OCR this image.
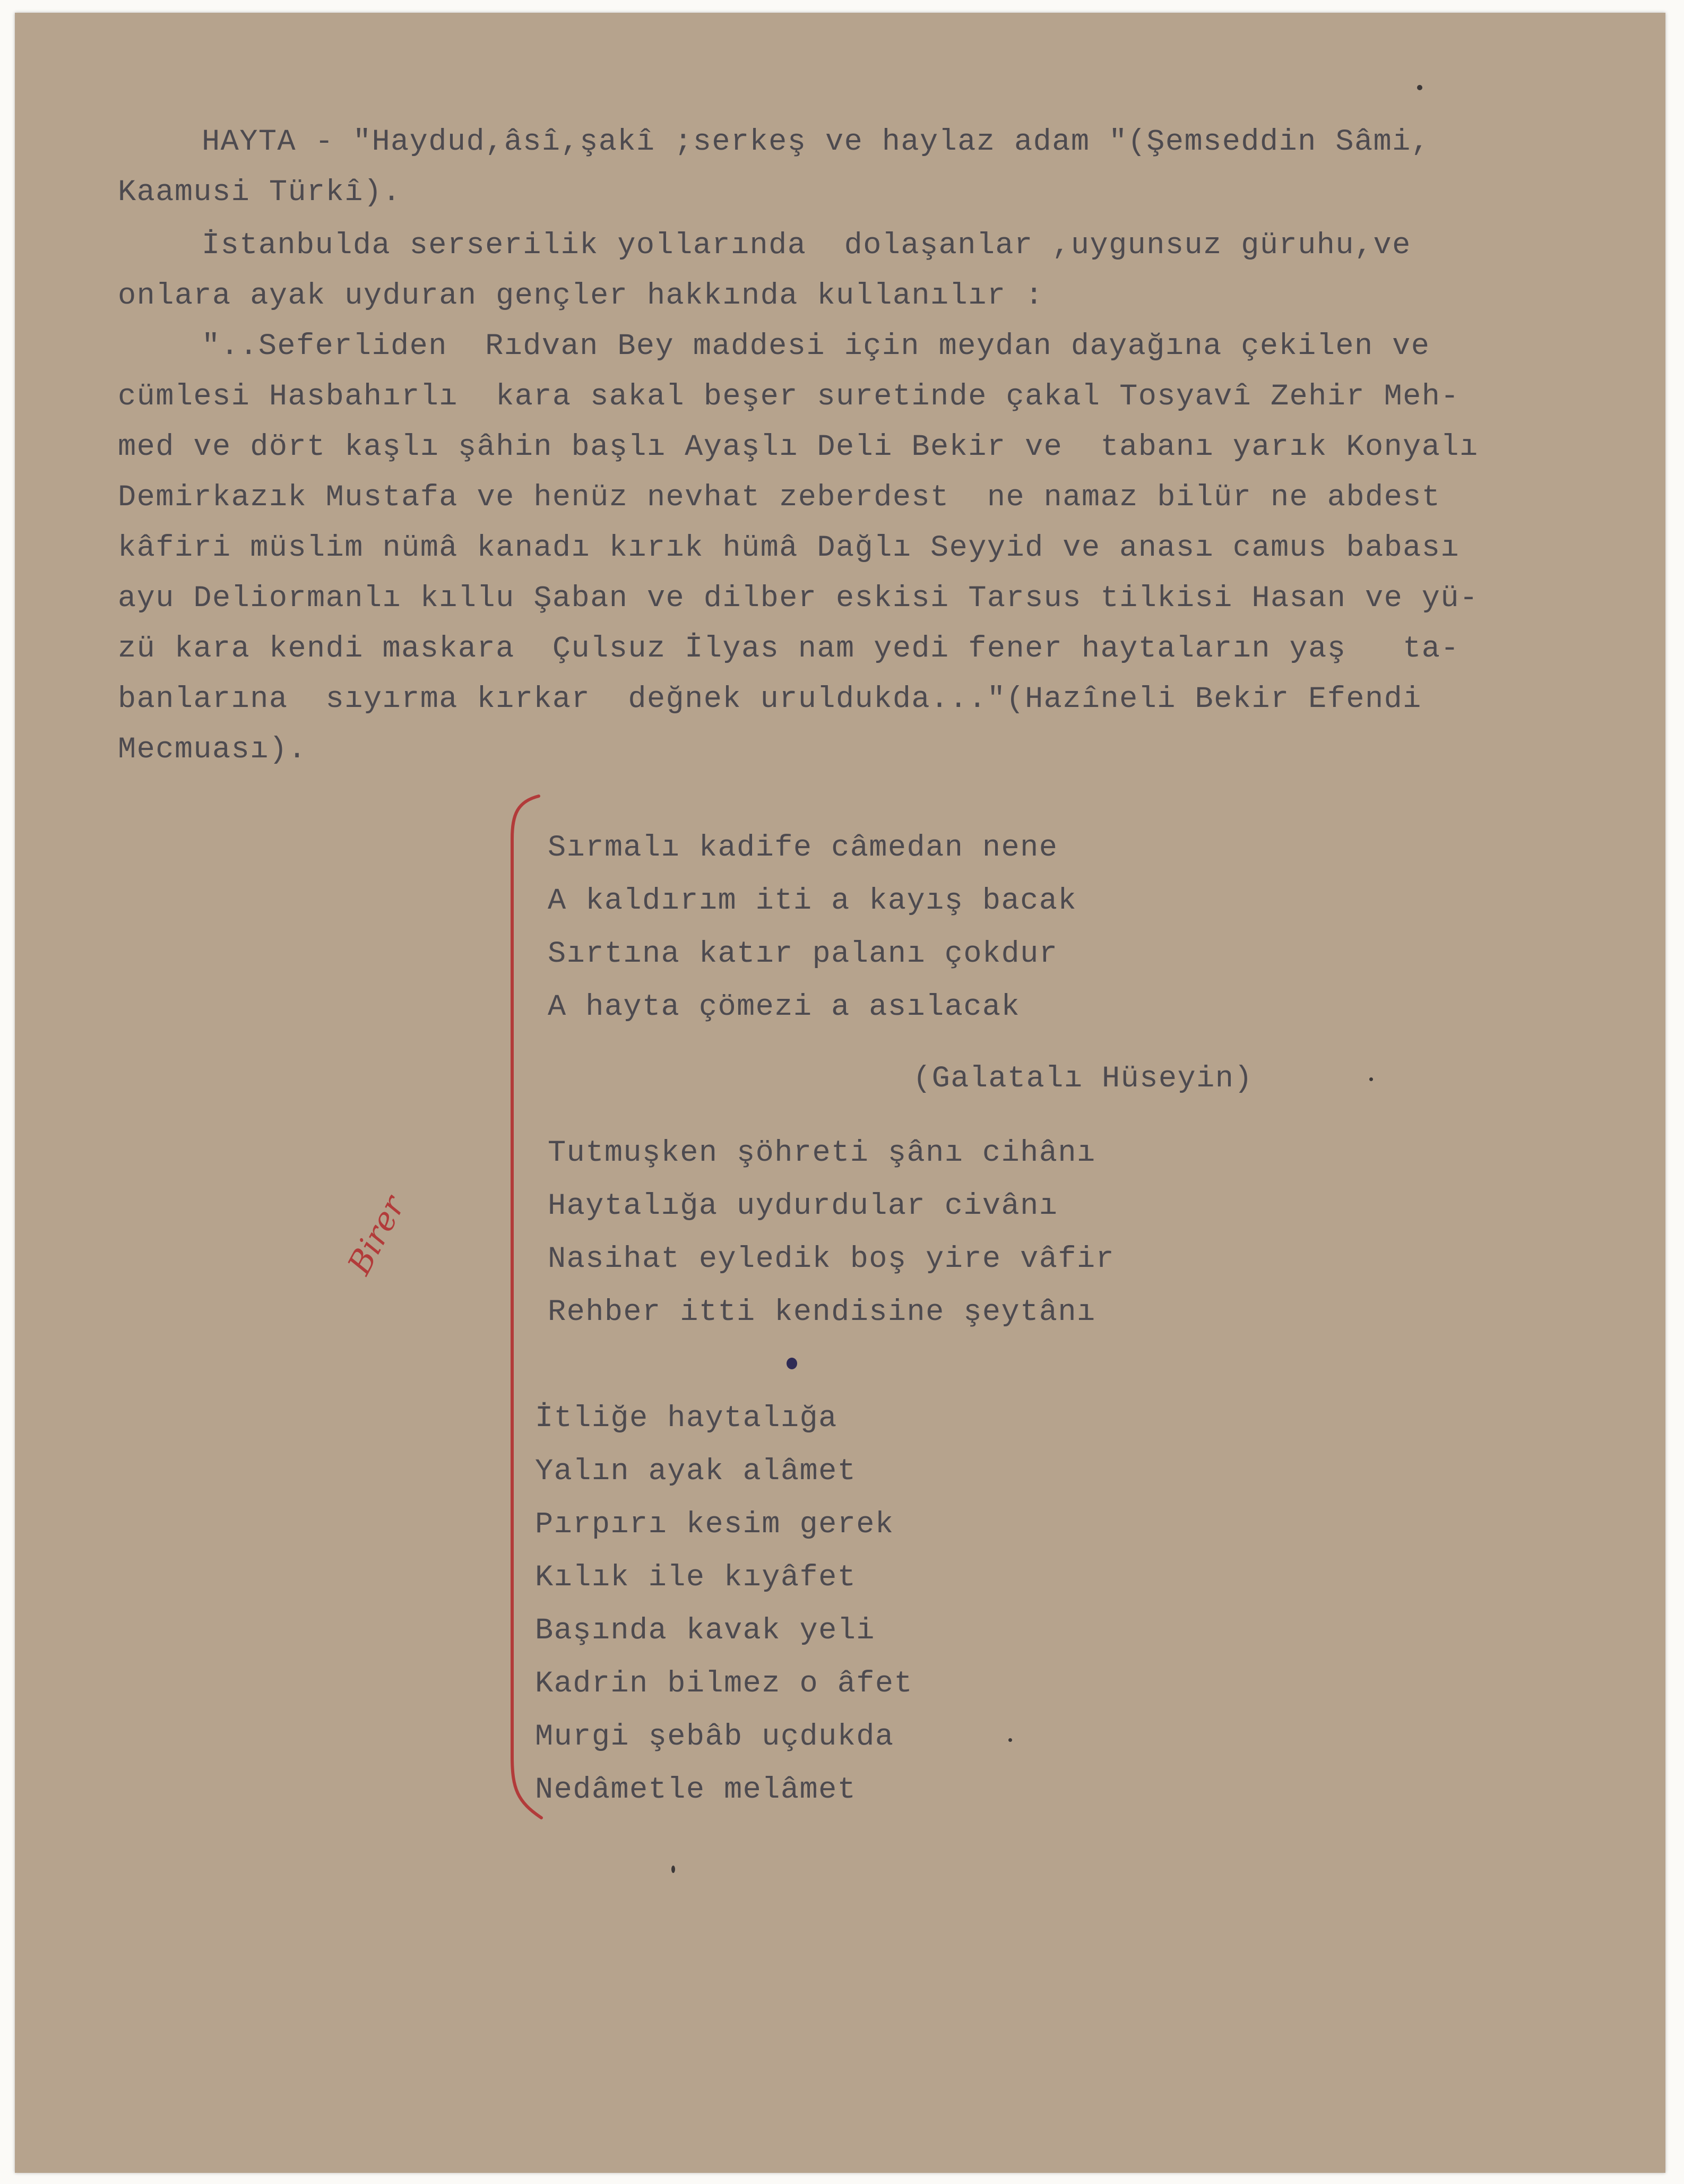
HAYTA - "Haydud,âsî,şakî ;serkeş ve haylaz adam "(Şemseddin Sâmi,
Kaamusi Türkî).
İstanbulda serserilik yollarında  dolaşanlar ,uygunsuz güruhu,ve
onlara ayak uyduran gençler hakkında kullanılır :
"..Seferliden  Rıdvan Bey maddesi için meydan dayağına çekilen ve
cümlesi Hasbahırlı  kara sakal beşer suretinde çakal Tosyavî Zehir Meh-
med ve dört kaşlı şâhin başlı Ayaşlı Deli Bekir ve  tabanı yarık Konyalı
Demirkazık Mustafa ve henüz nevhat zeberdest  ne namaz bilür ne abdest
kâfiri müslim nümâ kanadı kırık hümâ Dağlı Seyyid ve anası camus babası
ayu Deliormanlı kıllu Şaban ve dilber eskisi Tarsus tilkisi Hasan ve yü-
zü kara kendi maskara  Çulsuz İlyas nam yedi fener haytaların yaş   ta-
banlarına  sıyırma kırkar  değnek uruldukda..."(Hazîneli Bekir Efendi
Mecmuası).
Sırmalı kadife câmedan nene
A kaldırım iti a kayış bacak
Sırtına katır palanı çokdur
A hayta çömezi a asılacak
(Galatalı Hüseyin)
Tutmuşken şöhreti şânı cihânı
Haytalığa uydurdular civânı
Nasihat eyledik boş yire vâfir
Rehber itti kendisine şeytânı
İtliğe haytalığa
Yalın ayak alâmet
Pırpırı kesim gerek
Kılık ile kıyâfet
Başında kavak yeli
Kadrin bilmez o âfet
Murgi şebâb uçdukda
Nedâmetle melâmet
Birer
